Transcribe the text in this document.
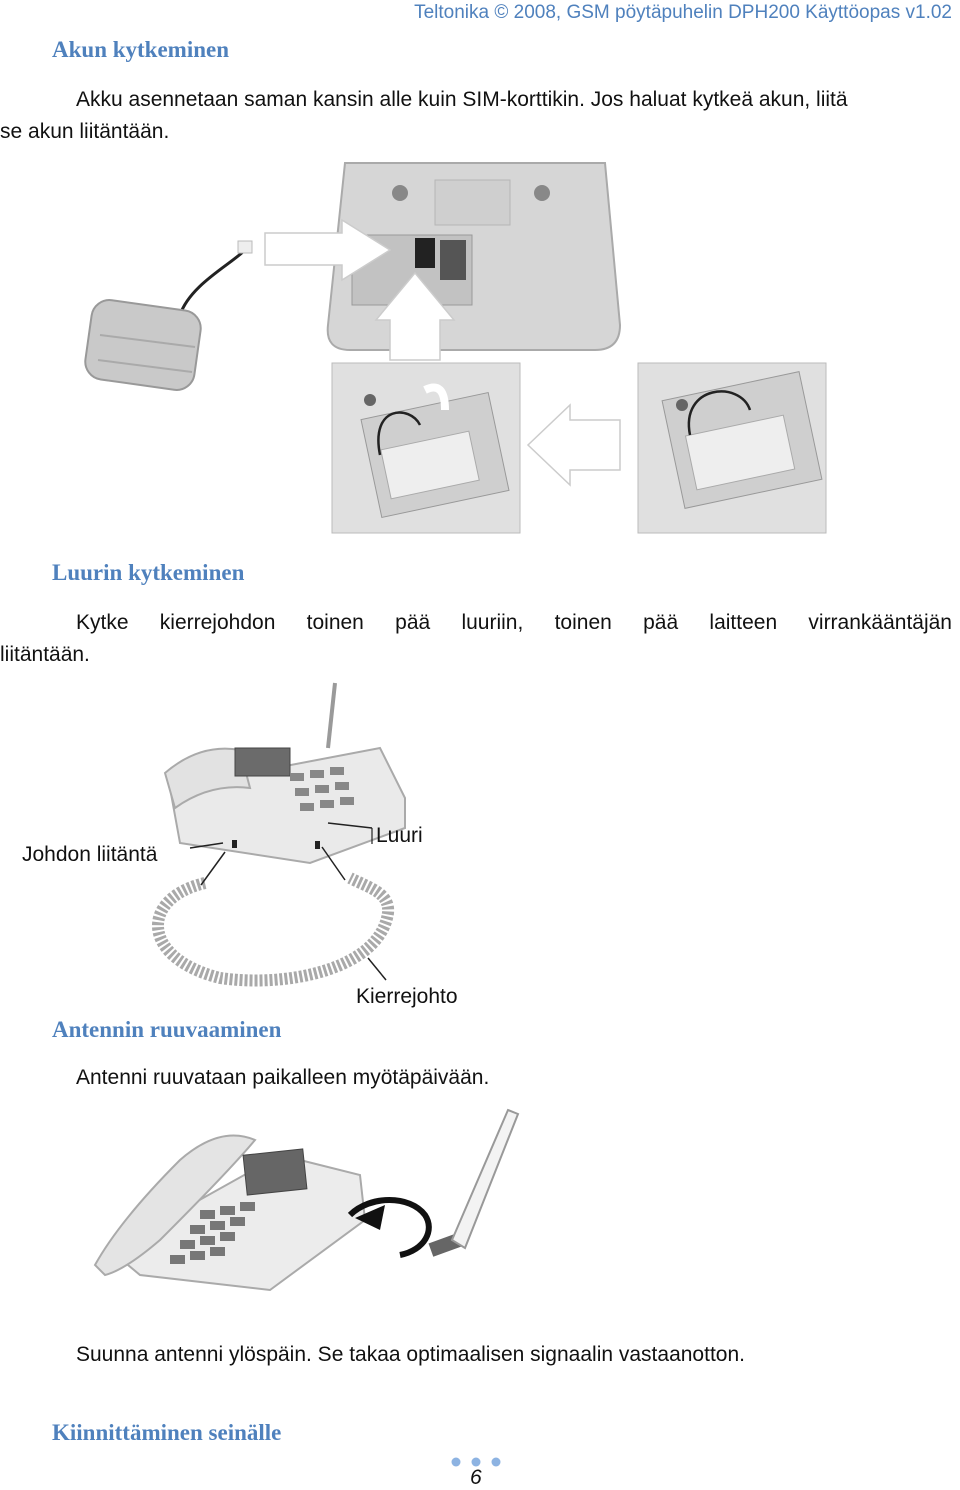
Teltonika © 2008, GSM pöytäpuhelin DPH200 Käyttöopas v1.02
Akun kytkeminen
Akku asennetaan saman kansin alle kuin SIM-korttikin. Jos haluat kytkeä akun, liitä
se akun liitäntään.
Luurin kytkeminen
Kytke kierrejohdon toinen pää luuriin, toinen pää laitteen virrankääntäjän
liitäntään.
Johdon liitäntä
Luuri
Kierrejohto
Antennin ruuvaaminen
Antenni ruuvataan paikalleen myötäpäivään.
Suunna antenni ylöspäin. Se takaa optimaalisen signaalin vastaanotton.
Kiinnittäminen seinälle
6
